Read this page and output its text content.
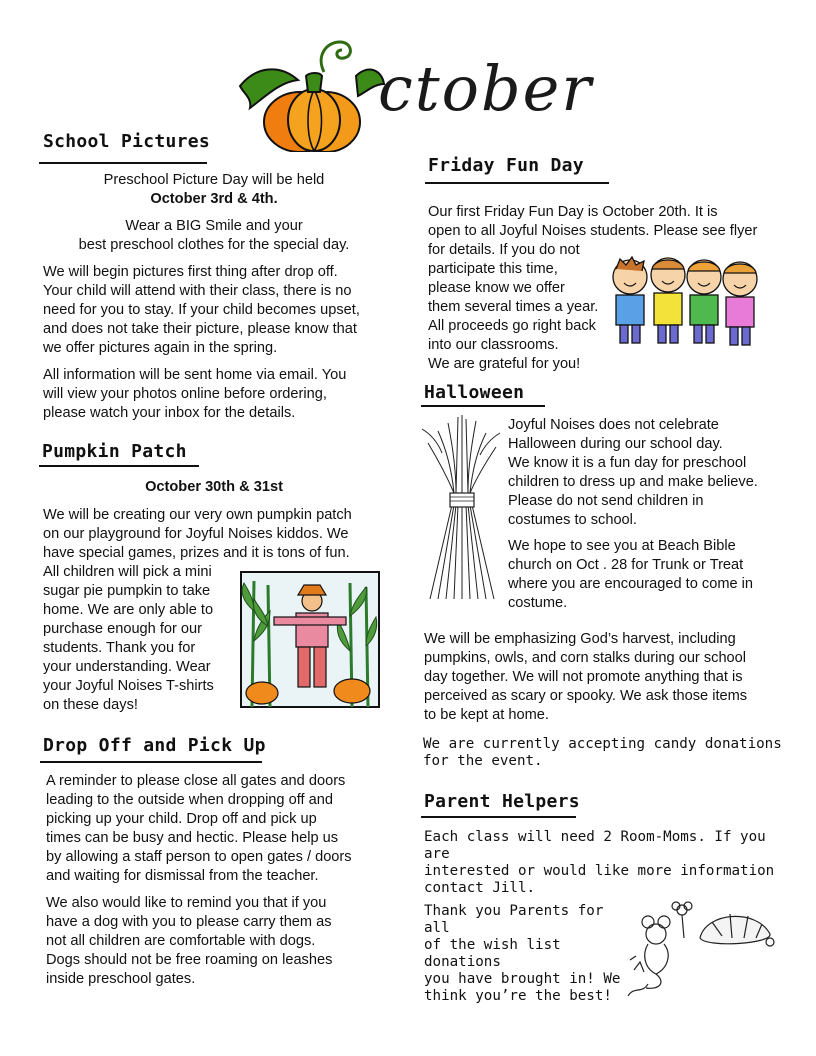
ctober
School Pictures
Preschool Picture Day will be held
October 3rd & 4th.
Wear a BIG Smile and your
best preschool clothes for the special day.
We will begin pictures first thing after drop off.
Your child will attend with their class, there is no
need for you to stay. If your child becomes upset,
and does not take their picture, please know that
we offer pictures again in the spring.
All information will be sent home via email. You
will view your photos online before ordering,
please watch your inbox for the details.
Pumpkin Patch
October 30th & 31st
We will be creating our very own pumpkin patch
on our playground for Joyful Noises kiddos. We
have special games, prizes and it is tons of fun.
All children will pick a mini
sugar pie pumpkin to take
home. We are only able to
purchase enough for our
students. Thank you for
your understanding. Wear
your Joyful Noises T-shirts
on these days!
Drop Off and Pick Up
A reminder to please close all gates and doors
leading to the outside when dropping off and
picking up your child. Drop off and pick up
times can be busy and hectic. Please help us
by allowing a staff person to open gates / doors
and waiting for dismissal from the teacher.
We also would like to remind you that if you
have a dog with you to please carry them as
not all children are comfortable with dogs.
Dogs should not be free roaming on leashes
inside preschool gates.
Friday Fun Day
Our first Friday Fun Day is October 20th. It is
open to all Joyful Noises students. Please see flyer
for details. If you do not
participate this time,
please know we offer
them several times a year.
All proceeds go right back
into our classrooms.
We are grateful for you!
Halloween
Joyful Noises does not celebrate
Halloween during our school day.
We know it is a fun day for preschool
children to dress up and make believe.
Please do not send children in
costumes to school.
We hope to see you at Beach Bible
church on Oct . 28 for Trunk or Treat
where you are encouraged to come in
costume.
We will be emphasizing God’s harvest, including
pumpkins, owls, and corn stalks during our school
day together. We will not promote anything that is
perceived as scary or spooky. We ask those items
to be kept at home.
We are currently accepting candy donations
for the event.
Parent Helpers
Each class will need 2 Room-Moms. If you are
interested or would like more information
contact Jill.
Thank you Parents for all
of the wish list donations
you have brought in! We
think you’re the best!
